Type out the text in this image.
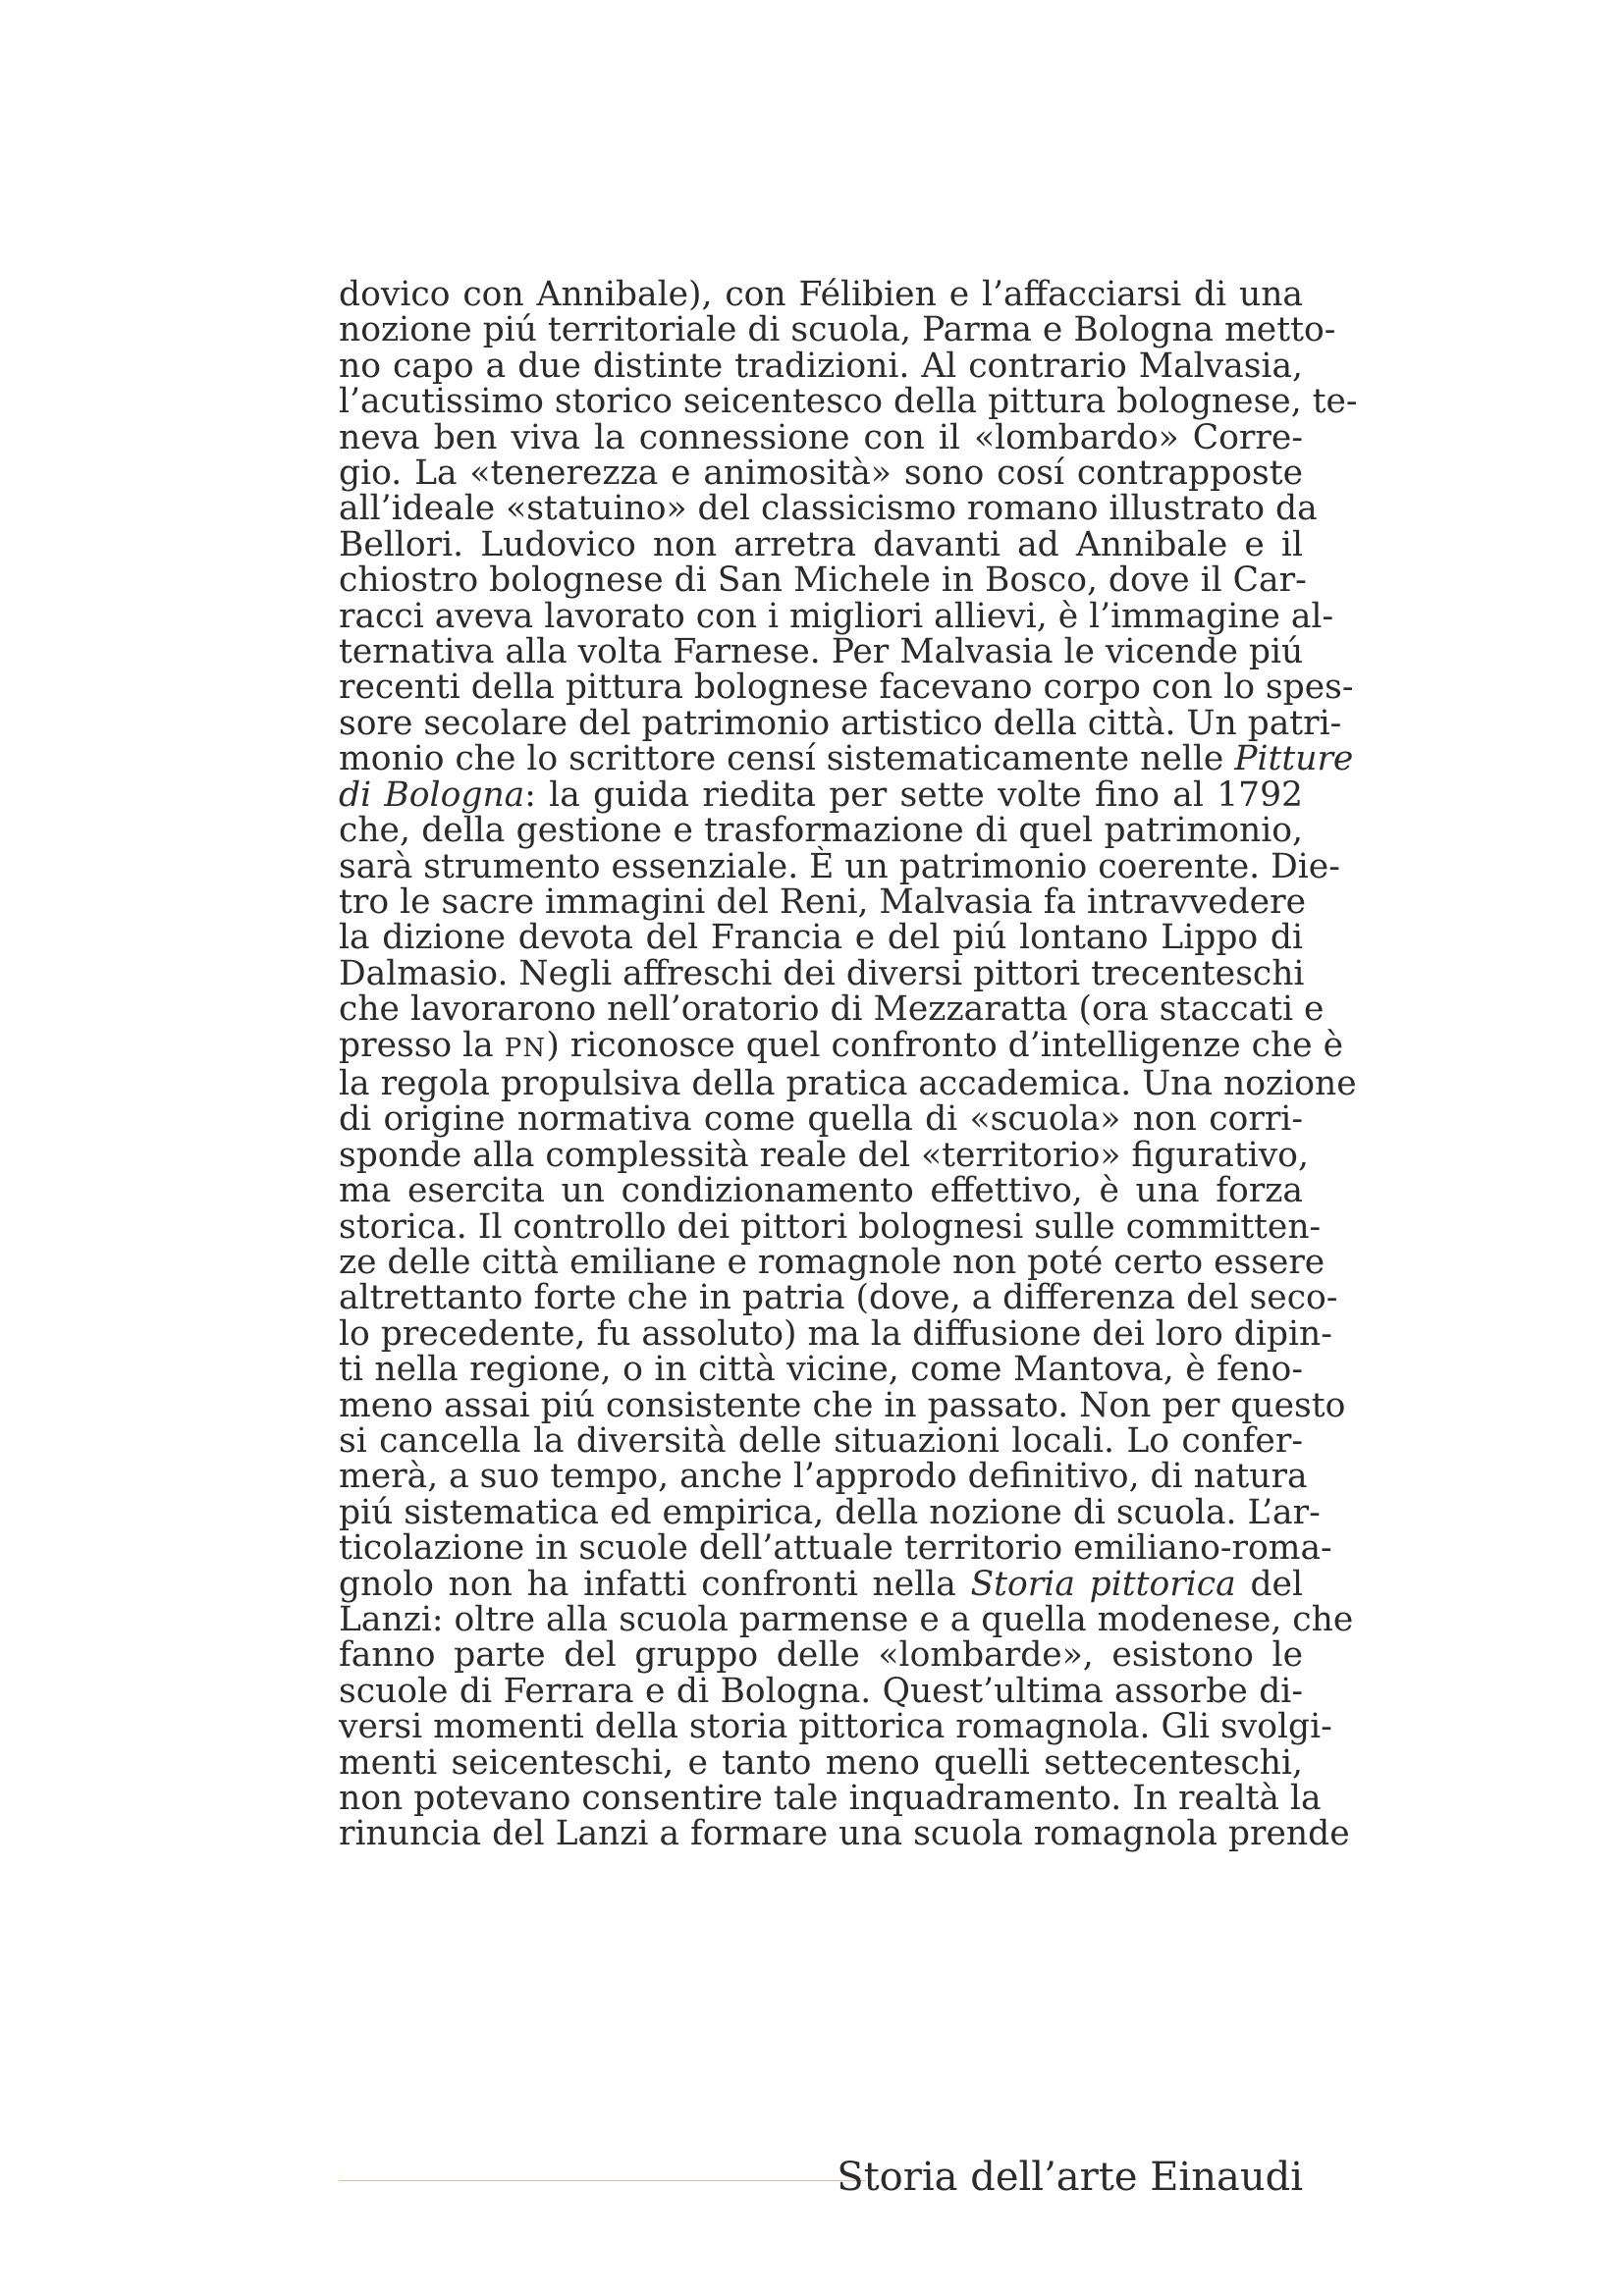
dovico con Annibale), con Félibien e l’affacciarsi di una
nozione piú territoriale di scuola, Parma e Bologna metto-
no capo a due distinte tradizioni. Al contrario Malvasia,
l’acutissimo storico seicentesco della pittura bolognese, te-
neva ben viva la connessione con il «lombardo» Corre-
gio. La «tenerezza e animosità» sono cosí contrapposte
all’ideale «statuino» del classicismo romano illustrato da
Bellori. Ludovico non arretra davanti ad Annibale e il
chiostro bolognese di San Michele in Bosco, dove il Car-
racci aveva lavorato con i migliori allievi, è l’immagine al-
ternativa alla volta Farnese. Per Malvasia le vicende piú
recenti della pittura bolognese facevano corpo con lo spes-
sore secolare del patrimonio artistico della città. Un patri-
monio che lo scrittore censí sistematicamente nelle Pitture
di Bologna: la guida riedita per sette volte fino al 1792
che, della gestione e trasformazione di quel patrimonio,
sarà strumento essenziale. È un patrimonio coerente. Die-
tro le sacre immagini del Reni, Malvasia fa intravvedere
la dizione devota del Francia e del piú lontano Lippo di
Dalmasio. Negli affreschi dei diversi pittori trecenteschi
che lavorarono nell’oratorio di Mezzaratta (ora staccati e
presso la PN) riconosce quel confronto d’intelligenze che è
la regola propulsiva della pratica accademica. Una nozione
di origine normativa come quella di «scuola» non corri-
sponde alla complessità reale del «territorio» figurativo,
ma esercita un condizionamento effettivo, è una forza
storica. Il controllo dei pittori bolognesi sulle committen-
ze delle città emiliane e romagnole non poté certo essere
altrettanto forte che in patria (dove, a differenza del seco-
lo precedente, fu assoluto) ma la diffusione dei loro dipin-
ti nella regione, o in città vicine, come Mantova, è feno-
meno assai piú consistente che in passato. Non per questo
si cancella la diversità delle situazioni locali. Lo confer-
merà, a suo tempo, anche l’approdo definitivo, di natura
piú sistematica ed empirica, della nozione di scuola. L’ar-
ticolazione in scuole dell’attuale territorio emiliano-roma-
gnolo non ha infatti confronti nella Storia pittorica del
Lanzi: oltre alla scuola parmense e a quella modenese, che
fanno parte del gruppo delle «lombarde», esistono le
scuole di Ferrara e di Bologna. Quest’ultima assorbe di-
versi momenti della storia pittorica romagnola. Gli svolgi-
menti seicenteschi, e tanto meno quelli settecenteschi,
non potevano consentire tale inquadramento. In realtà la
rinuncia del Lanzi a formare una scuola romagnola prende
Storia dell’arte Einaudi
